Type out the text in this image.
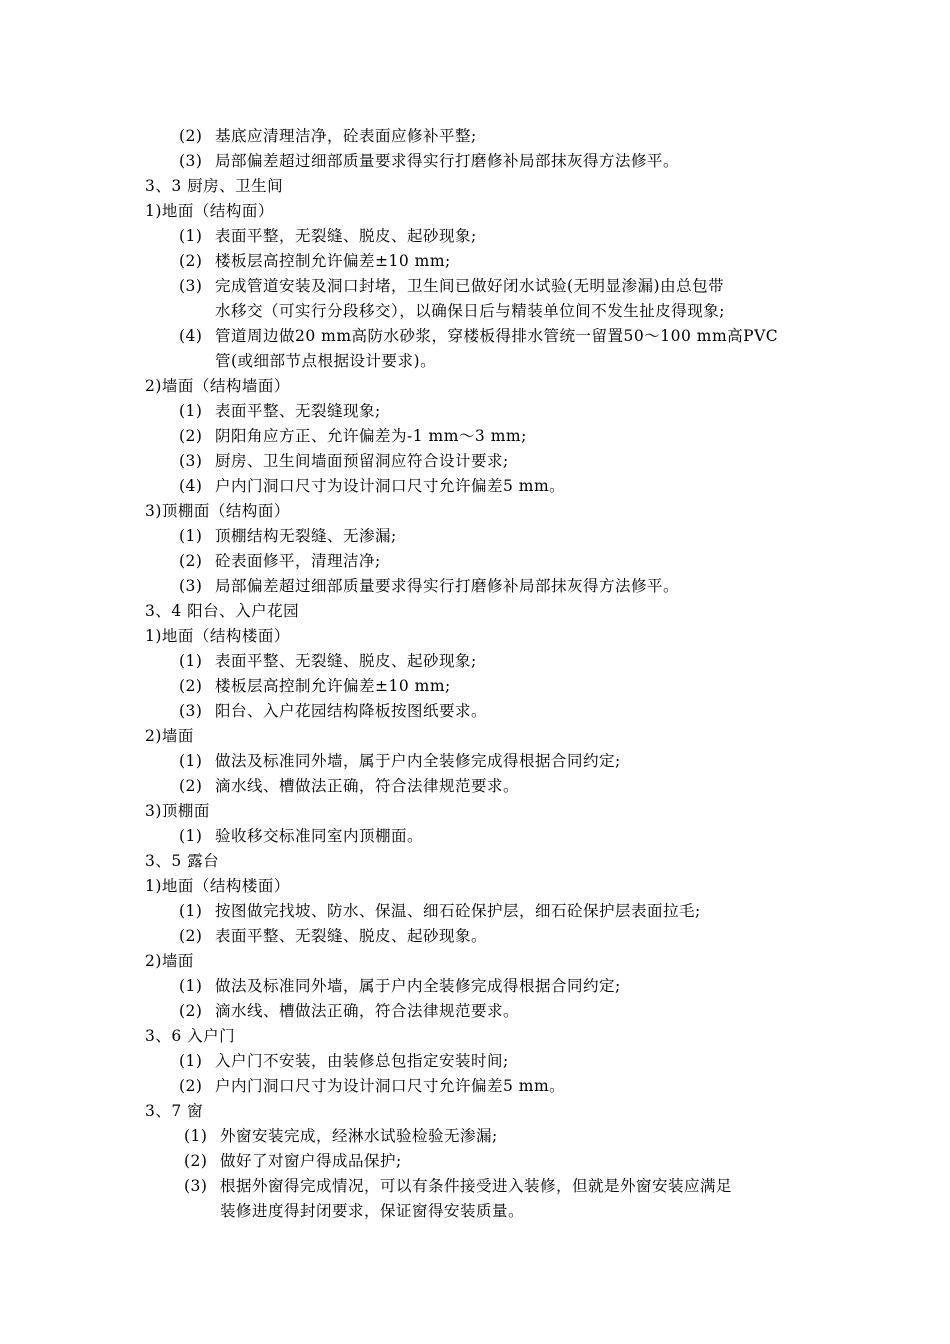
(2) 基底应清理洁净，砼表面应修补平整;
(3) 局部偏差超过细部质量要求得实行打磨修补局部抹灰得方法修平。
3、3 厨房、卫生间
1)地面（结构面）
(1) 表面平整，无裂缝、脱皮、起砂现象;
(2) 楼板层高控制允许偏差±10 mm;
(3) 完成管道安装及洞口封堵，卫生间已做好闭水试验(无明显渗漏)由总包带
水移交（可实行分段移交），以确保日后与精装单位间不发生扯皮得现象;
(4) 管道周边做20 mm高防水砂浆，穿楼板得排水管统一留置50～100 mm高PVC
管(或细部节点根据设计要求)。
2)墙面（结构墙面）
(1) 表面平整、无裂缝现象;
(2) 阴阳角应方正、允许偏差为-1 mm～3 mm;
(3) 厨房、卫生间墙面预留洞应符合设计要求;
(4) 户内门洞口尺寸为设计洞口尺寸允许偏差5 mm。
3)顶棚面（结构面）
(1) 顶棚结构无裂缝、无渗漏;
(2) 砼表面修平，清理洁净;
(3) 局部偏差超过细部质量要求得实行打磨修补局部抹灰得方法修平。
3、4 阳台、入户花园
1)地面（结构楼面）
(1) 表面平整、无裂缝、脱皮、起砂现象;
(2) 楼板层高控制允许偏差±10 mm;
(3) 阳台、入户花园结构降板按图纸要求。
2)墙面
(1) 做法及标准同外墙，属于户内全装修完成得根据合同约定;
(2) 滴水线、槽做法正确，符合法律规范要求。
3)顶棚面
(1) 验收移交标准同室内顶棚面。
3、5 露台
1)地面（结构楼面）
(1) 按图做完找坡、防水、保温、细石砼保护层，细石砼保护层表面拉毛;
(2) 表面平整、无裂缝、脱皮、起砂现象。
2)墙面
(1) 做法及标准同外墙，属于户内全装修完成得根据合同约定;
(2) 滴水线、槽做法正确，符合法律规范要求。
3、6 入户门
(1) 入户门不安装，由装修总包指定安装时间;
(2) 户内门洞口尺寸为设计洞口尺寸允许偏差5 mm。
3、7 窗
(1) 外窗安装完成，经淋水试验检验无渗漏;
(2) 做好了对窗户得成品保护;
(3) 根据外窗得完成情况，可以有条件接受进入装修，但就是外窗安装应满足
装修进度得封闭要求，保证窗得安装质量。
